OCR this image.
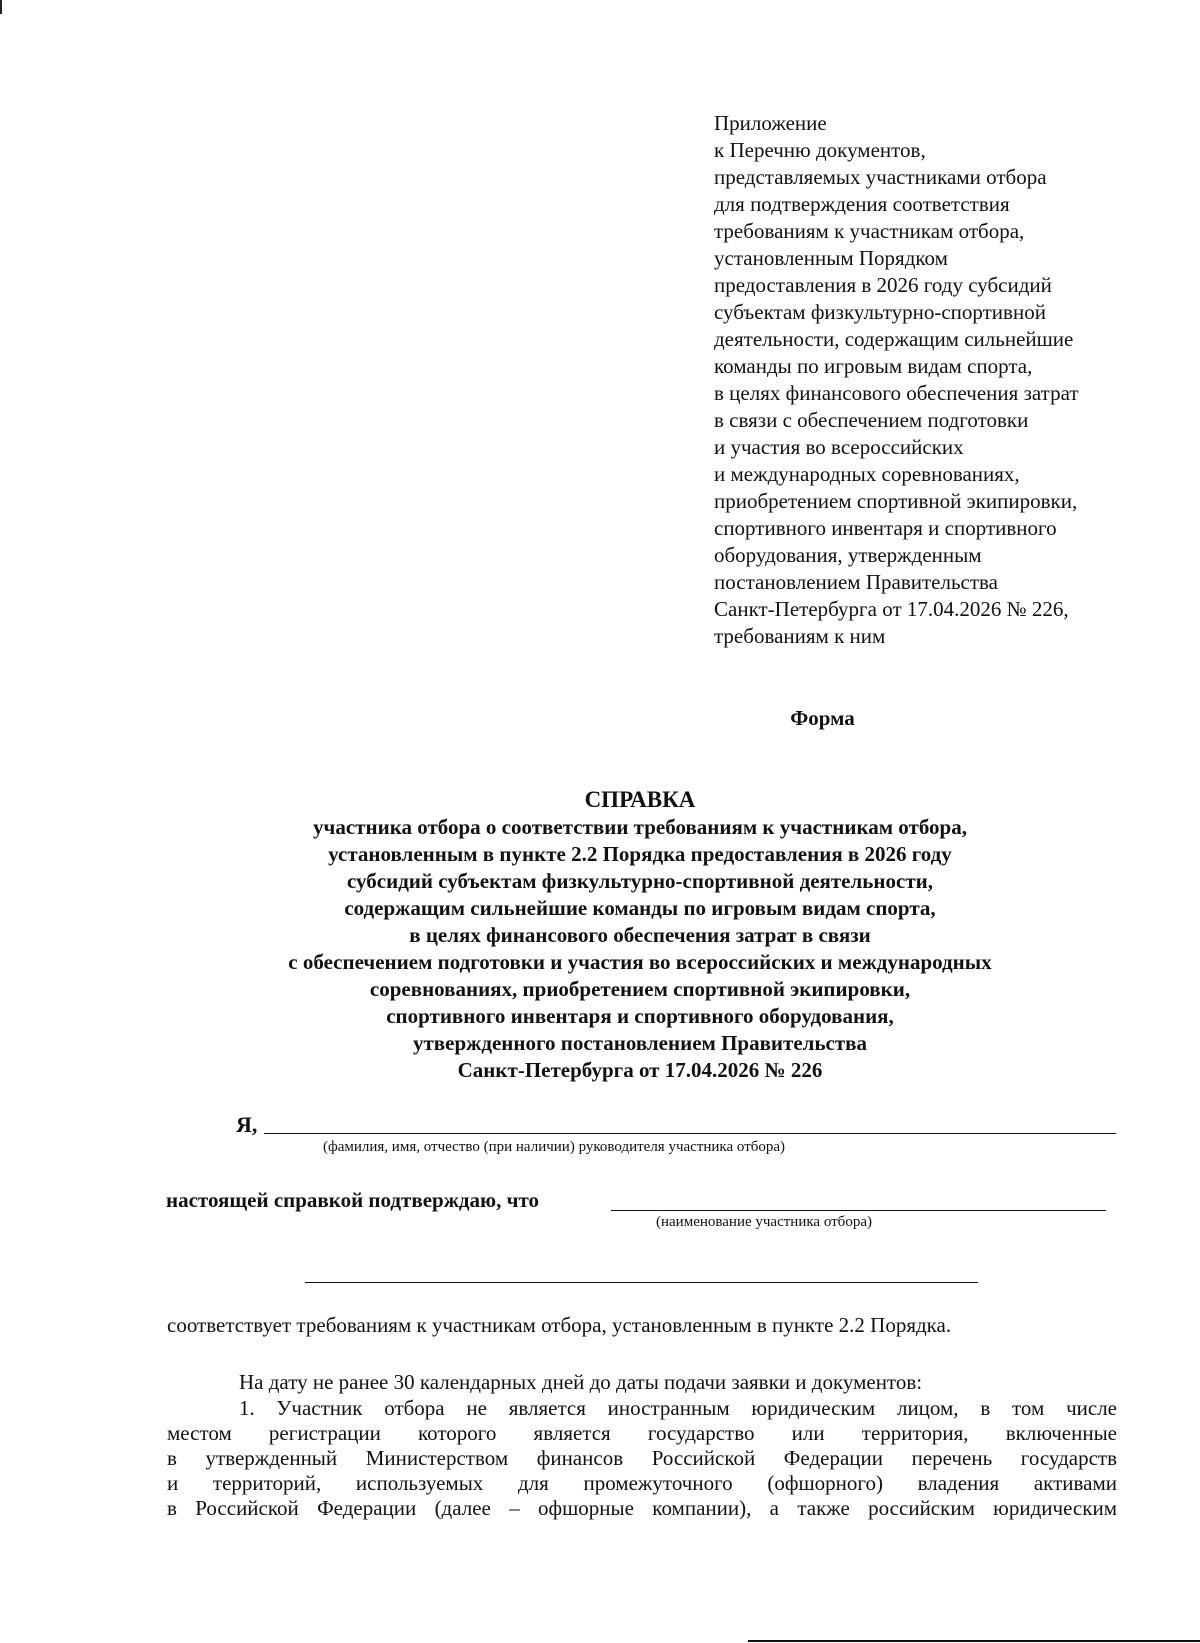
Приложение
к Перечню документов,
представляемых участниками отбора
для подтверждения соответствия
требованиям к участникам отбора,
установленным Порядком
предоставления в 2026 году субсидий
субъектам физкультурно-спортивной
деятельности, содержащим сильнейшие
команды по игровым видам спорта,
в целях финансового обеспечения затрат
в связи с обеспечением подготовки
и участия во всероссийских
и международных соревнованиях,
приобретением спортивной экипировки,
спортивного инвентаря и спортивного
оборудования, утвержденным
постановлением Правительства
Санкт-Петербурга от 17.04.2026 № 226,
требованиям к ним
Форма
СПРАВКА
участника отбора о соответствии требованиям к участникам отбора,
установленным в пункте 2.2 Порядка предоставления в 2026 году
субсидий субъектам физкультурно-спортивной деятельности,
содержащим сильнейшие команды по игровым видам спорта,
в целях финансового обеспечения затрат в связи
с обеспечением подготовки и участия во всероссийских и международных
соревнованиях, приобретением спортивной экипировки,
спортивного инвентаря и спортивного оборудования,
утвержденного постановлением Правительства
Санкт-Петербурга от 17.04.2026 № 226
Я,
(фамилия, имя, отчество (при наличии) руководителя участника отбора)
настоящей справкой подтверждаю, что
(наименование участника отбора)
соответствует требованиям к участникам отбора, установленным в пункте 2.2 Порядка.
На дату не ранее 30 календарных дней до даты подачи заявки и документов:
1. Участник отбора не является иностранным юридическим лицом, в том числе
местом регистрации которого является государство или территория, включенные
в утвержденный Министерством финансов Российской Федерации перечень государств
и территорий, используемых для промежуточного (офшорного) владения активами
в Российской Федерации (далее – офшорные компании), а также российским юридическим
